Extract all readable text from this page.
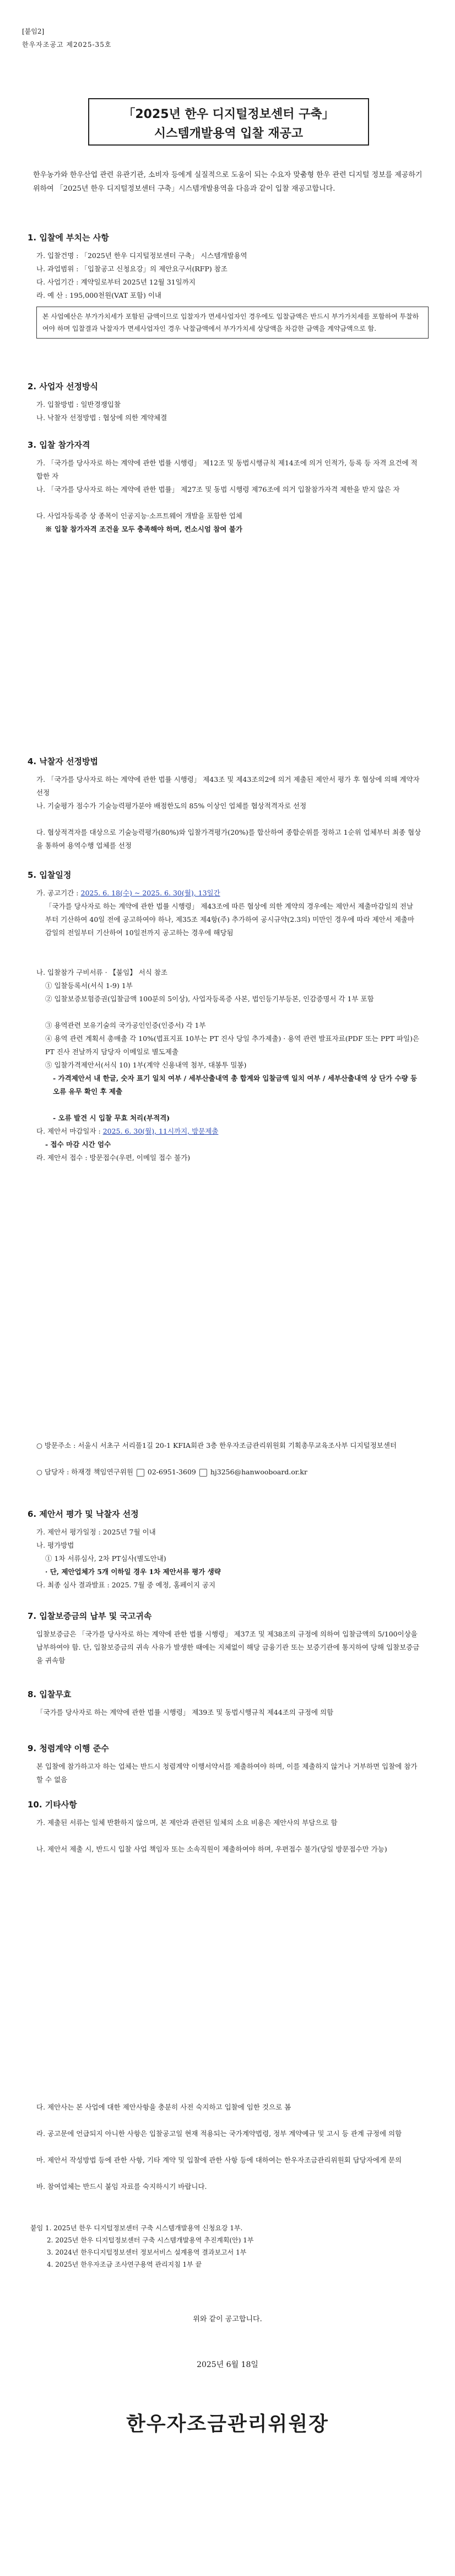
[붙임2]
한우자조공고 제2025-35호
「2025년 한우 디지털정보센터 구축」
시스템개발용역 입찰 재공고
한우농가와 한우산업 관련 유관기관, 소비자 등에게 실질적으로 도움이 되는 수요자 맞춤형 한우 관련 디지털 정보를 제공하기 위하여 「2025년 한우 디지털정보센터 구축」시스템개발용역을 다음과 같이 입찰 재공고합니다.
1. 입찰에 부치는 사항
가. 입찰건명 : 「2025년 한우 디지털정보센터 구축」 시스템개발용역
나. 과업범위 : 「입찰공고 신청요강」의 제안요구서(RFP) 참조
다. 사업기간 : 계약일로부터 2025년 12월 31일까지
라. 예 산 : 195,000천원(VAT 포함) 이내
본 사업예산은 부가가치세가 포함된 금액이므로 입찰자가 면세사업자인 경우에도 입찰금액은 반드시 부가가치세를 포함하여 투찰하여야 하며 입찰결과 낙찰자가 면세사업자인 경우 낙찰금액에서 부가가치세 상당액을 차감한 금액을 계약금액으로 함.
2. 사업자 선정방식
가. 입찰방법 : 일반경쟁입찰
나. 낙찰자 선정방법 : 협상에 의한 계약체결
3. 입찰 참가자격
가. 「국가를 당사자로 하는 계약에 관한 법률 시행령」 제12조 및 동법시행규칙 제14조에 의거 인적가, 등록 등 자격 요건에 적합한 자
나. 「국가를 당사자로 하는 계약에 관한 법률」 제27조 및 동법 시행령 제76조에 의거 입찰참가자격 제한을 받지 않은 자
다. 사업자등록증 상 종목이 인공지능·소프트웨어 개발을 포함한 업체
※ 입찰 참가자격 조건을 모두 충족해야 하며, 컨소시엄 참여 불가
4. 낙찰자 선정방법
가. 「국가를 당사자로 하는 계약에 관한 법률 시행령」 제43조 및 제43조의2에 의거 제출된 제안서 평가 후 협상에 의해 계약자 선정
나. 기술평가 점수가 기술능력평가분야 배점한도의 85% 이상인 업체를 협상적격자로 선정
다. 협상적격자를 대상으로 기술능력평가(80%)와 입찰가격평가(20%)를 합산하여 종합순위를 정하고 1순위 업체부터 최종 협상을 통하여 용역수행 업체를 선정
5. 입찰일정
가. 공고기간 : 2025. 6. 18(수) ~ 2025. 6. 30(월), 13일간
「국가를 당사자로 하는 계약에 관한 법률 시행령」 제43조에 따른 협상에 의한 계약의 경우에는 제안서 제출마감일의 전날부터 기산하여 40일 전에 공고하여야 하나, 제35조 제4항(주) 추가하여 공시규약(2.3의) 미만인 경우에 따라 제안서 제출마감일의 전일부터 기산하여 10일전까지 공고하는 경우에 해당됨
나. 입찰참가 구비서류 · 【붙임】 서식 참조
① 입찰등록서(서식 1-9) 1부
② 입찰보증보험증권(입찰금액 100분의 5이상), 사업자등록증 사본, 법인등기부등본, 인감증명서 각 1부 포함
③ 용역관련 보유기술의 국가공인인증(인증서) 각 1부
④ 용역 관련 계획서 총매출 각 10%(법표지표 10부는 PT 진사 당일 추가제출) · 용역 관련 발표자료(PDF 또는 PPT 파일)은 PT 진사 전날까지 담당자 이메일로 별도제출
⑤ 입찰가격제안서(서식 10) 1부(계약 신용내역 첨부, 대봉투 밀봉)
- 가격제안서 내 한글, 숫자 표기 일치 여부 / 세부산출내역 총 합계와 입찰금액 일치 여부 / 세부산출내역 상 단가 수량 등 오류 유무 확인 후 제출
- 오류 발견 시 입찰 무효 처리(부적격)
다. 제안서 마감일자 : 2025. 6. 30(월), 11시까지, 방문제출
- 접수 마감 시간 엄수
라. 제안서 접수 : 방문접수(우편, 이메일 접수 불가)
○ 방문주소 : 서울시 서초구 서리풀1길 20-1 KFIA회관 3층 한우자조금관리위원회 기획총무교육조사부 디지털정보센터
○ 담당자 : 하재경 책임연구위원 02-6951-3609 hj3256@hanwooboard.or.kr
6. 제안서 평가 및 낙찰자 선정
가. 제안서 평가일정 : 2025년 7월 이내
나. 평가방법
① 1차 서류심사, 2차 PT심사(별도안내)
· 단, 제안업체가 5개 이하일 경우 1차 제안서류 평가 생략
다. 최종 심사 결과발표 : 2025. 7월 중 예정, 홈페이지 공지
7. 입찰보증금의 납부 및 국고귀속
입찰보증금은 「국가를 당사자로 하는 계약에 관한 법률 시행령」 제37조 및 제38조의 규정에 의하여 입찰금액의 5/100이상을 납부하여야 함. 단, 입찰보증금의 귀속 사유가 발생한 때에는 지체없이 해당 금융기관 또는 보증기관에 통지하여 당해 입찰보증금을 귀속함
8. 입찰무효
「국가를 당사자로 하는 계약에 관한 법률 시행령」 제39조 및 동법시행규칙 제44조의 규정에 의함
9. 청렴계약 이행 준수
본 입찰에 참가하고자 하는 업체는 반드시 청렴계약 이행서약서를 제출하여야 하며, 이를 제출하지 않거나 거부하면 입찰에 참가할 수 없음
10. 기타사항
가. 제출된 서류는 일체 반환하지 않으며, 본 제안과 관련된 일체의 소요 비용은 제안사의 부담으로 함
나. 제안서 제출 시, 반드시 입찰 사업 책임자 또는 소속직원이 제출하여야 하며, 우편접수 불가(당일 방문접수만 가능)
다. 제안사는 본 사업에 대한 제안사항을 충분히 사전 숙지하고 입찰에 임한 것으로 봄
라. 공고문에 언급되지 아니한 사항은 입찰공고일 현재 적용되는 국가계약법령, 정부 계약예규 및 고시 등 관계 규정에 의함
마. 제안서 작성방법 등에 관한 사항, 기타 계약 및 입찰에 관한 사항 등에 대하여는 한우자조금관리위원회 담당자에게 문의
바. 참여업체는 반드시 붙임 자료를 숙지하시기 바랍니다.
붙임 1. 2025년 한우 디지털정보센터 구축 시스템개발용역 신청요강 1부.
2. 2025년 한우 디지털정보센터 구축 시스템개발용역 추진계획(안) 1부
3. 2024년 한우디지털정보센터 정보서비스 설계용역 결과보고서 1부
4. 2025년 한우자조금 조사연구용역 관리지침 1부 끝
위와 같이 공고합니다.
2025년 6월 18일
한우자조금관리위원장
